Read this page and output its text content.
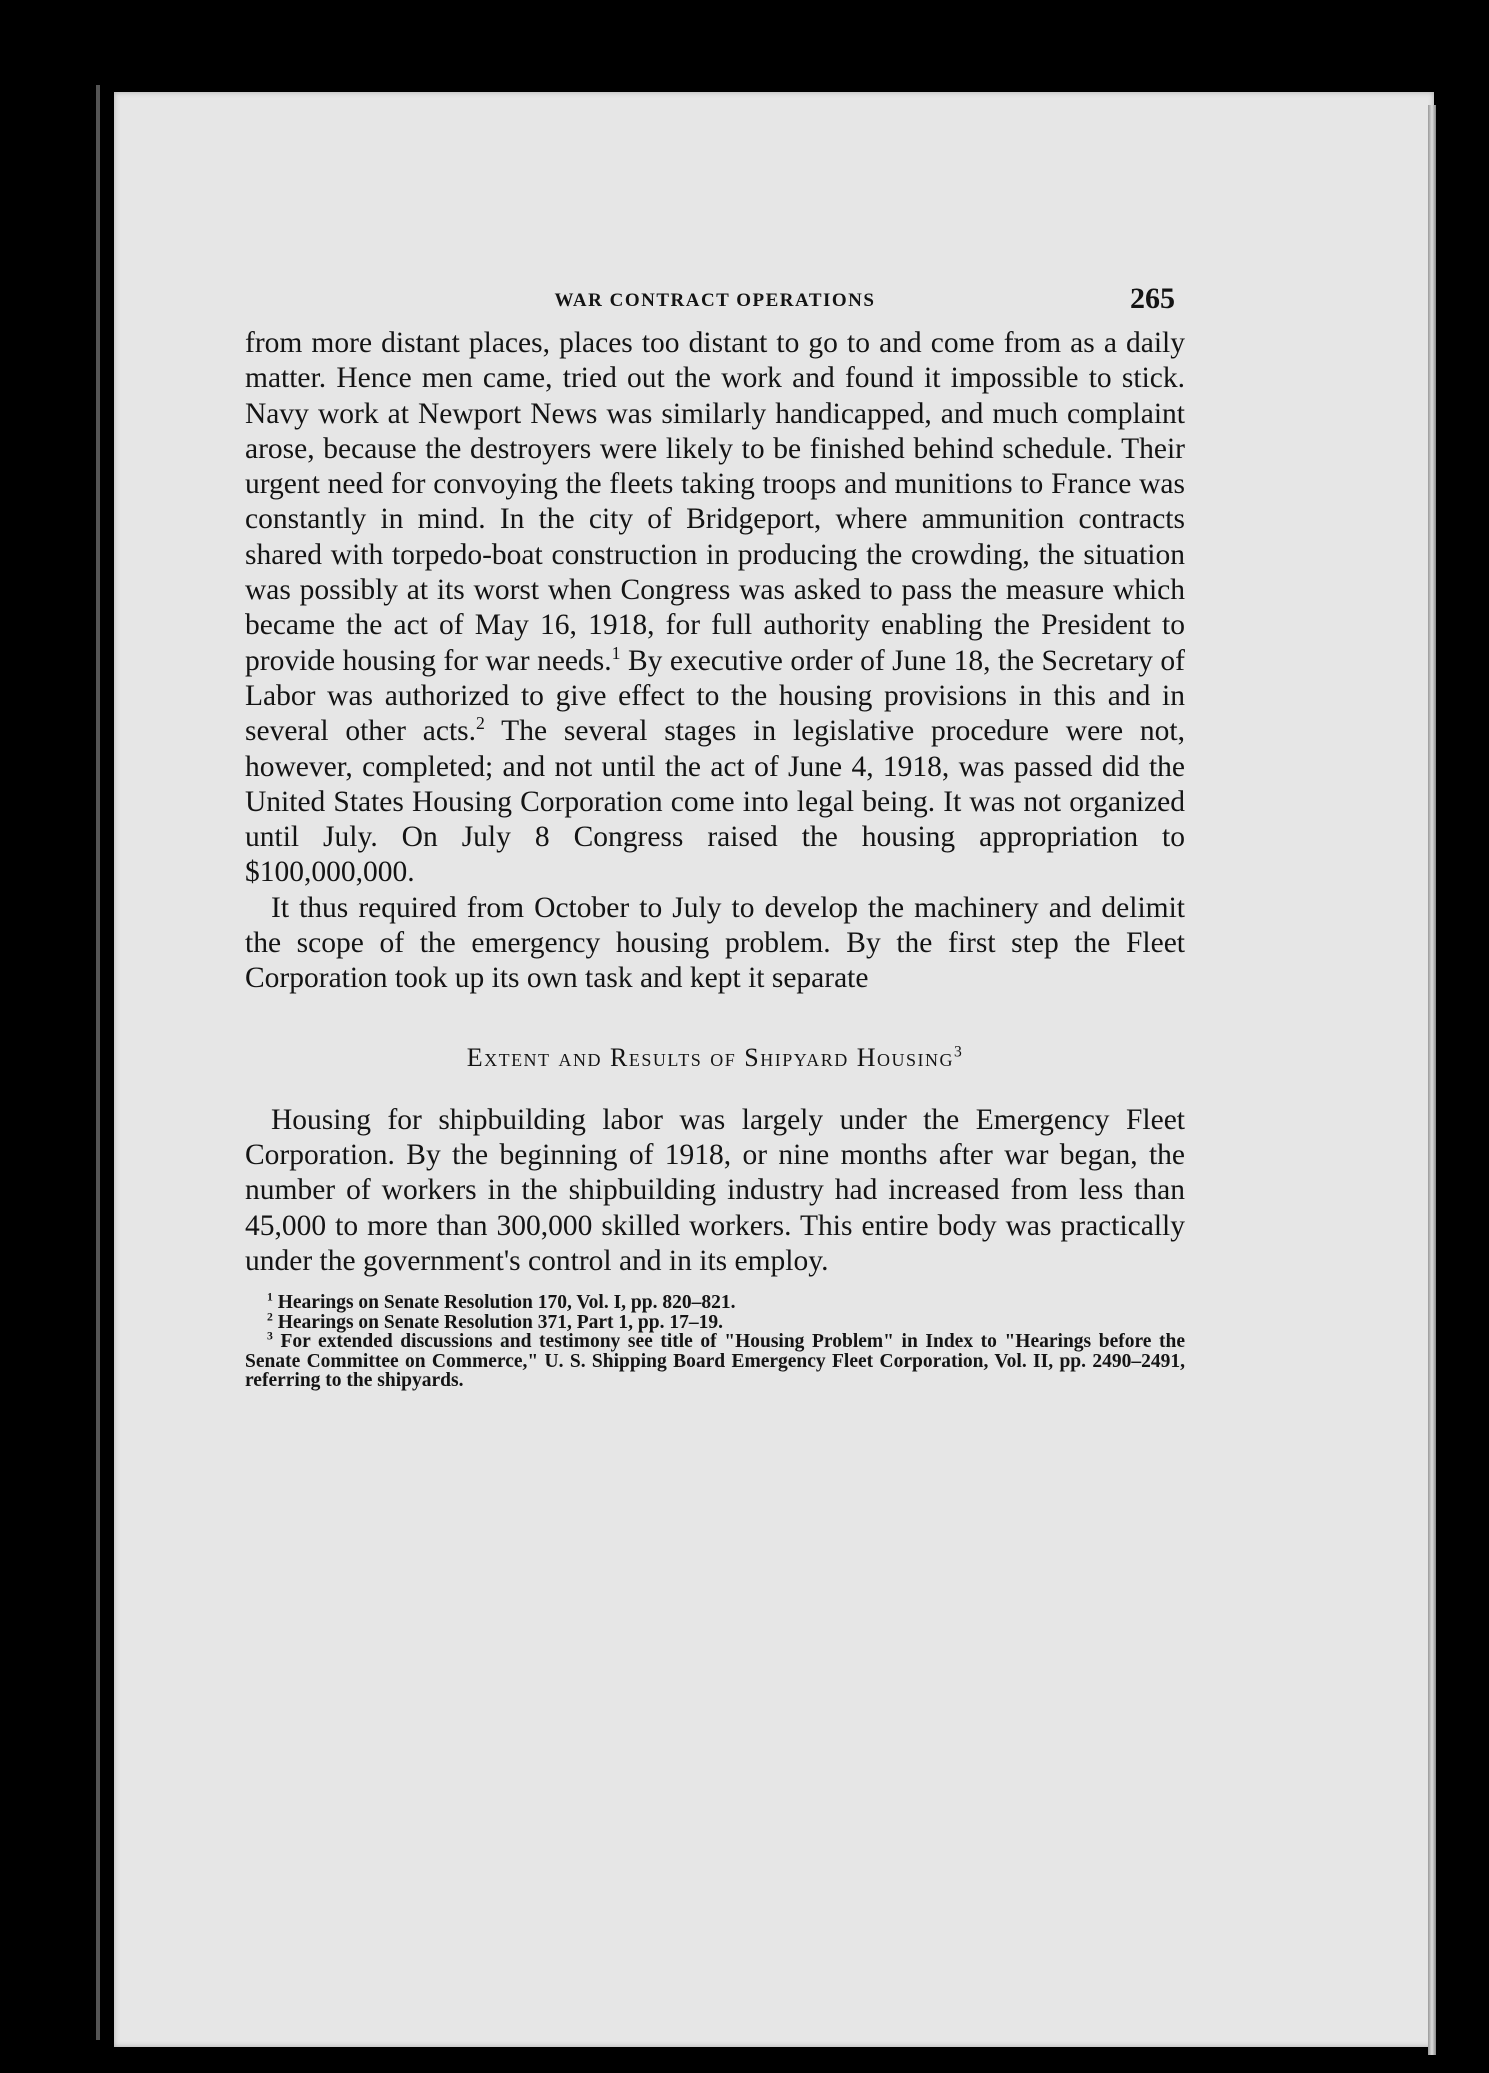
WAR CONTRACT OPERATIONS	265

from more distant places, places too distant to go to and come from as a daily matter. Hence men came, tried out the work and found it impossible to stick. Navy work at Newport News was similarly handicapped, and much complaint arose, because the destroyers were likely to be finished behind schedule. Their urgent need for convoying the fleets taking troops and munitions to France was constantly in mind. In the city of Bridgeport, where ammunition contracts shared with torpedo-boat construction in producing the crowding, the situation was possibly at its worst when Congress was asked to pass the measure which became the act of May 16, 1918, for full authority enabling the President to provide housing for war needs.$^1$ By executive order of June 18, the Secretary of Labor was authorized to give effect to the housing provisions in this and in several other acts.$^2$ The several stages in legislative procedure were not, however, completed; and not until the act of June 4, 1918, was passed did the United States Housing Corporation come into legal being. It was not organized until July. On July 8 Congress raised the housing appropriation to $100,000,000.

It thus required from October to July to develop the machinery and delimit the scope of the emergency housing problem. By the first step the Fleet Corporation took up its own task and kept it separate

Extent and Results of Shipyard Housing$^3$

Housing for shipbuilding labor was largely under the Emergency Fleet Corporation. By the beginning of 1918, or nine months after war began, the number of workers in the shipbuilding industry had increased from less than 45,000 to more than 300,000 skilled workers. This entire body was practically under the government's control and in its employ.

$^1$ Hearings on Senate Resolution 170, Vol. I, pp. 820–821.

$^2$ Hearings on Senate Resolution 371, Part 1, pp. 17–19.

$^3$ For extended discussions and testimony see title of "Housing Problem" in Index to "Hearings before the Senate Committee on Commerce," U. S. Shipping Board Emergency Fleet Corporation, Vol. II, pp. 2490–2491, referring to the shipyards.
